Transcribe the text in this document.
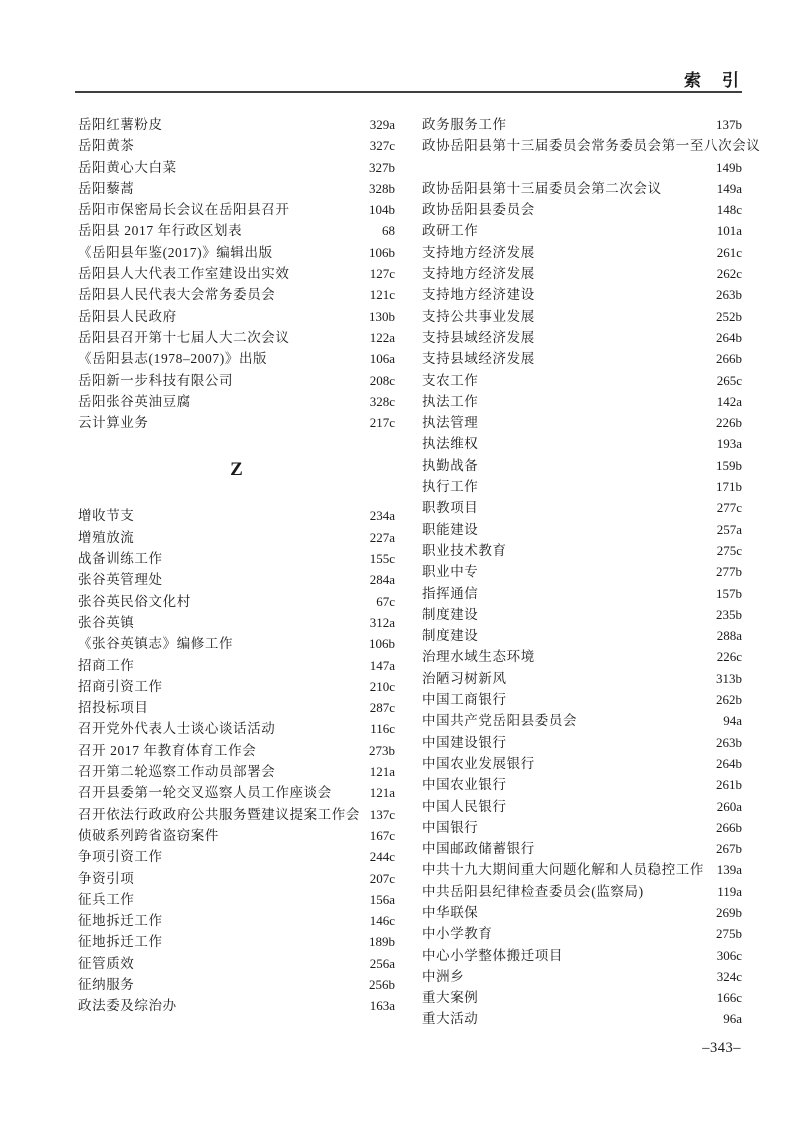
索　引
岳阳红薯粉皮	329a
岳阳黄茶	327c
岳阳黄心大白菜	327b
岳阳藜蒿	328b
岳阳市保密局长会议在岳阳县召开	104b
岳阳县 2017 年行政区划表	68
《岳阳县年鉴(2017)》编辑出版	106b
岳阳县人大代表工作室建设出实效	127c
岳阳县人民代表大会常务委员会	121c
岳阳县人民政府	130b
岳阳县召开第十七届人大二次会议	122a
《岳阳县志(1978–2007)》出版	106a
岳阳新一步科技有限公司	208c
岳阳张谷英油豆腐	328c
云计算业务	217c
Z
增收节支	234a
增殖放流	227a
战备训练工作	155c
张谷英管理处	284a
张谷英民俗文化村	67c
张谷英镇	312a
《张谷英镇志》编修工作	106b
招商工作	147a
招商引资工作	210c
招投标项目	287c
召开党外代表人士谈心谈话活动	116c
召开 2017 年教育体育工作会	273b
召开第二轮巡察工作动员部署会	121a
召开县委第一轮交叉巡察人员工作座谈会	121a
召开依法行政政府公共服务暨建议提案工作会 137c
侦破系列跨省盗窃案件	167c
争项引资工作	244c
争资引项	207c
征兵工作	156a
征地拆迁工作	146c
征地拆迁工作	189b
征管质效	256a
征纳服务	256b
政法委及综治办	163a
政务服务工作	137b
政协岳阳县第十三届委员会常务委员会第一至八次会议
149b
政协岳阳县第十三届委员会第二次会议	149a
政协岳阳县委员会	148c
政研工作	101a
支持地方经济发展	261c
支持地方经济发展	262c
支持地方经济建设	263b
支持公共事业发展	252b
支持县域经济发展	264b
支持县域经济发展	266b
支农工作	265c
执法工作	142a
执法管理	226b
执法维权	193a
执勤战备	159b
执行工作	171b
职教项目	277c
职能建设	257a
职业技术教育	275c
职业中专	277b
指挥通信	157b
制度建设	235b
制度建设	288a
治理水域生态环境	226c
治陋习树新风	313b
中国工商银行	262b
中国共产党岳阳县委员会	94a
中国建设银行	263b
中国农业发展银行	264b
中国农业银行	261b
中国人民银行	260a
中国银行	266b
中国邮政储蓄银行	267b
中共十九大期间重大问题化解和人员稳控工作 139a
中共岳阳县纪律检查委员会(监察局)	119a
中华联保	269b
中小学教育	275b
中心小学整体搬迁项目	306c
中洲乡	324c
重大案例	166c
重大活动	96a
–343–
